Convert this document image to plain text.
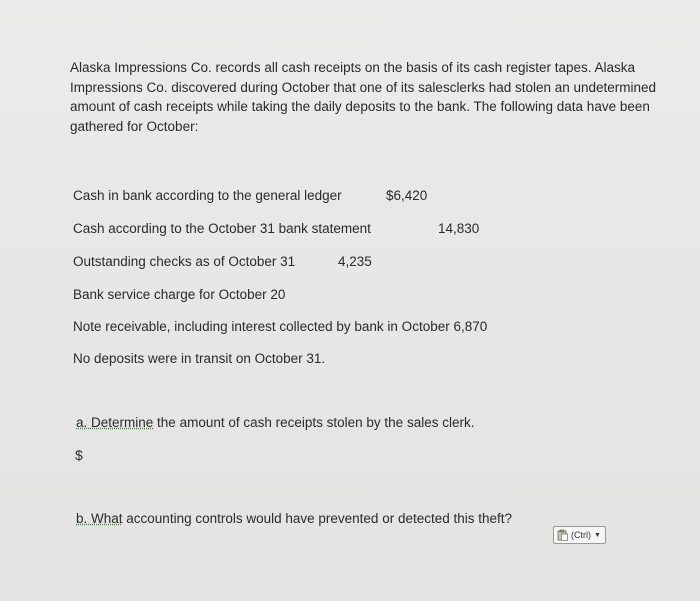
Alaska Impressions Co. records all cash receipts on the basis of its cash register tapes. Alaska Impressions Co. discovered during October that one of its salesclerks had stolen an undetermined amount of cash receipts while taking the daily deposits to the bank. The following data have been gathered for October:
Cash in bank according to the general ledger	$6,420
Cash according to the October 31 bank statement	14,830
Outstanding checks as of October 31	4,235
Bank service charge for October 20
Note receivable, including interest collected by bank in October 6,870
No deposits were in transit on October 31.
a. Determine the amount of cash receipts stolen by the sales clerk.
$
b. What accounting controls would have prevented or detected this theft?
(Ctrl) ▼
